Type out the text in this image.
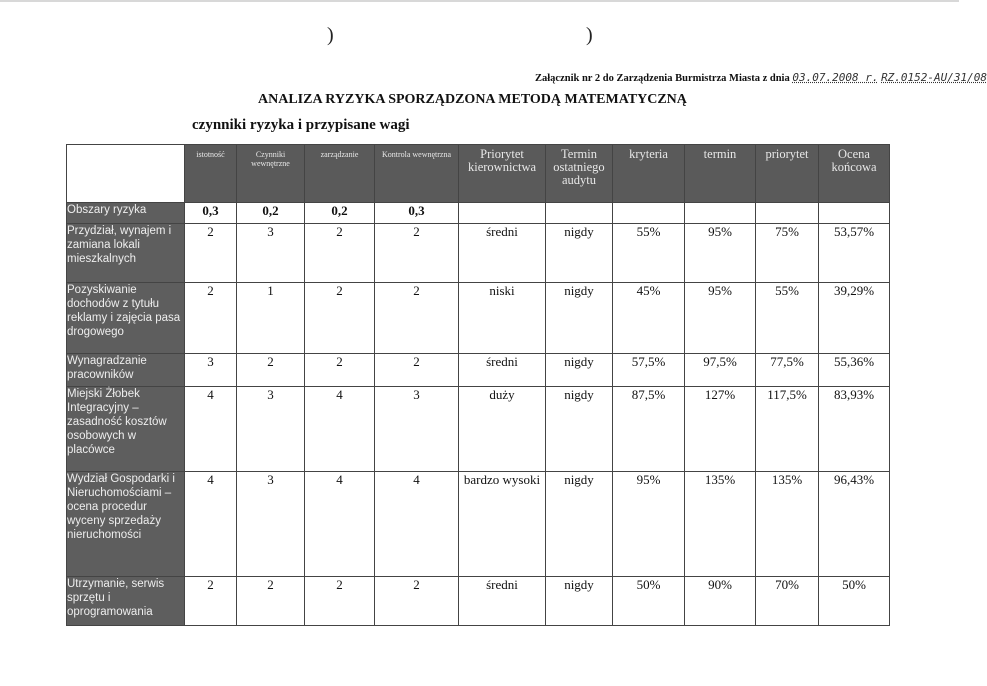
)	)
Załącznik nr 2 do Zarządzenia Burmistrza Miasta z dnia 03.07.2008 r. RZ.0152-AU/31/08
ANALIZA RYZYKA SPORZĄDZONA METODĄ MATEMATYCZNĄ
czynniki ryzyka i przypisane wagi
	istotność	Czynniki wewnętrzne	zarządzanie	Kontrola wewnętrzna	Priorytet kierownictwa	Termin ostatniego audytu	kryteria	termin	priorytet	Ocena końcowa
Obszary ryzyka	0,3	0,2	0,2	0,3						
Przydział, wynajem i zamiana lokali mieszkalnych	2	3	2	2	średni	nigdy	55%	95%	75%	53,57%
Pozyskiwanie dochodów z tytułu reklamy i zajęcia pasa drogowego	2	1	2	2	niski	nigdy	45%	95%	55%	39,29%
Wynagradzanie pracowników	3	2	2	2	średni	nigdy	57,5%	97,5%	77,5%	55,36%
Miejski Żłobek Integracyjny – zasadność kosztów osobowych w placówce	4	3	4	3	duży	nigdy	87,5%	127%	117,5%	83,93%
Wydział Gospodarki i Nieruchomościami – ocena procedur wyceny sprzedaży nieruchomości	4	3	4	4	bardzo wysoki	nigdy	95%	135%	135%	96,43%
Utrzymanie, serwis sprzętu i oprogramowania	2	2	2	2	średni	nigdy	50%	90%	70%	50%
